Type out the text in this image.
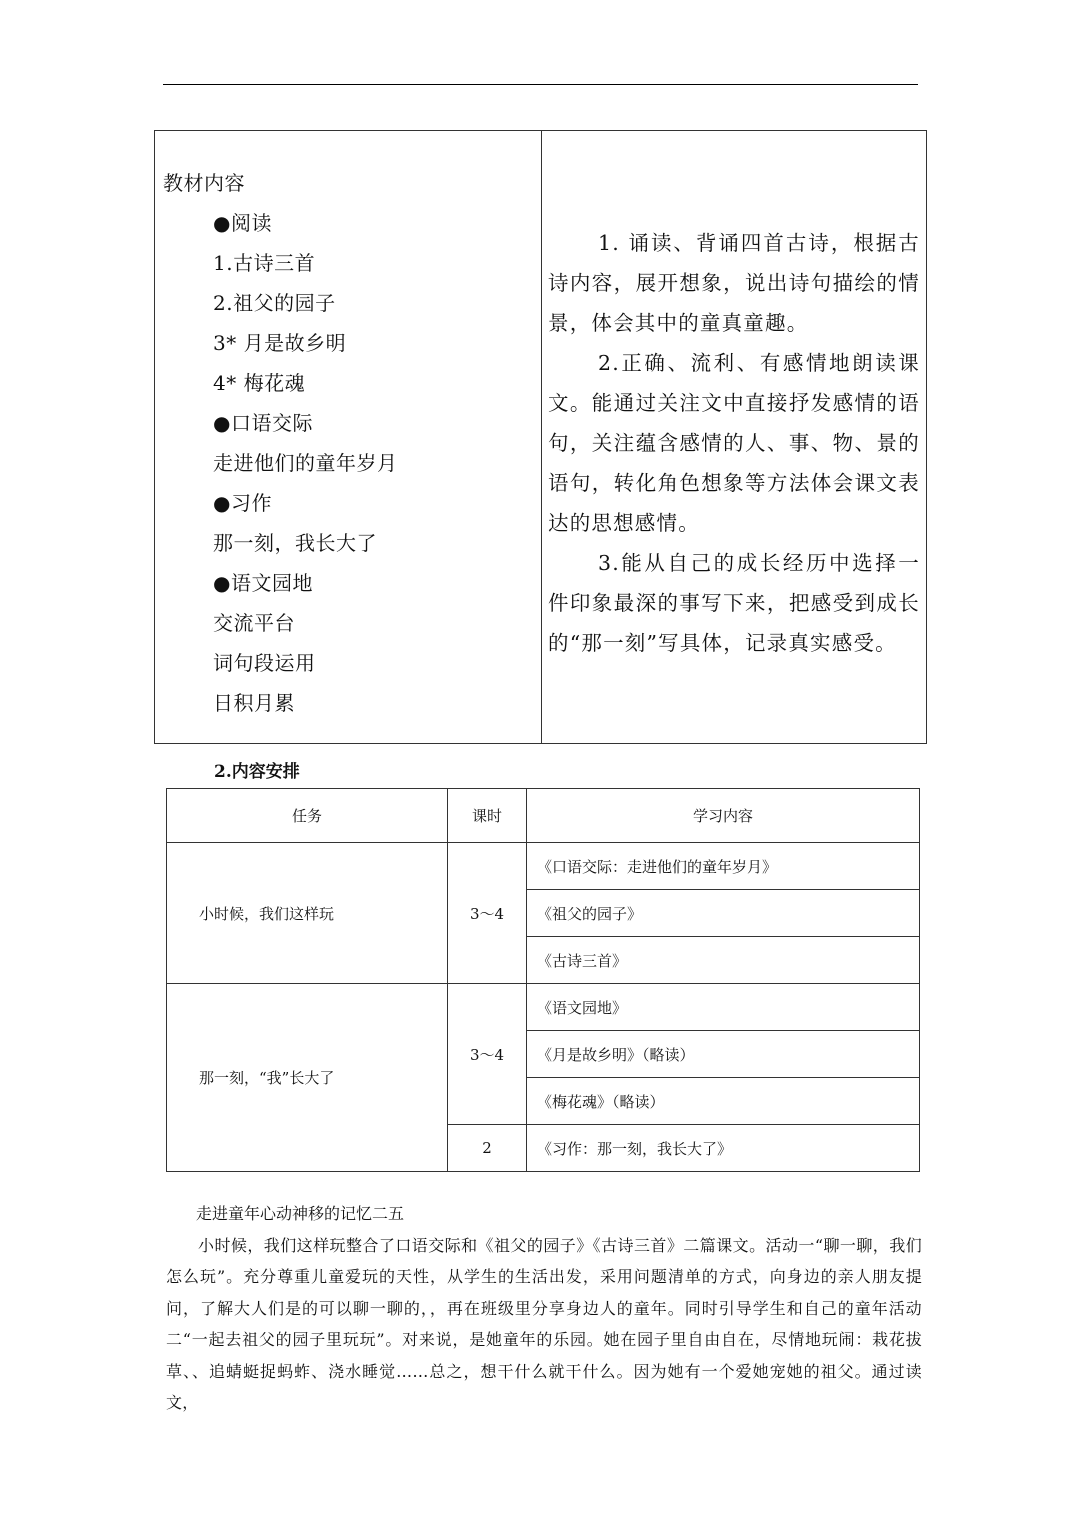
教材内容
●阅读
1.古诗三首
2.祖父的园子
3* 月是故乡明
4* 梅花魂
●口语交际
走进他们的童年岁月
●习作
那一刻，我长大了
●语文园地
交流平台
词句段运用
日积月累

1. 诵读、背诵四首古诗，根据古诗内容，展开想象，说出诗句描绘的情景，体会其中的童真童趣。

2.正确、流利、有感情地朗读课文。能通过关注文中直接抒发感情的语句，关注蕴含感情的人、事、物、景的语句，转化角色想象等方法体会课文表达的思想感情。

3.能从自己的成长经历中选择一件印象最深的事写下来，把感受到成长的“那一刻”写具体，记录真实感受。

2.内容安排
任务	课时	学习内容
小时候，我们这样玩	3～4	《口语交际：走进他们的童年岁月》
		《祖父的园子》
		《古诗三首》
那一刻，“我”长大了	3～4	《语文园地》
		《月是故乡明》（略读）
		《梅花魂》（略读）
	2	《习作：那一刻，我长大了》
走进童年心动神移的记忆二五

小时候，我们这样玩整合了口语交际和《祖父的园子》《古诗三首》二篇课文。活动一“聊一聊，我们怎么玩”。充分尊重儿童爱玩的天性，从学生的生活出发，采用问题清单的方式，向身边的亲人朋友提问，了解大人们是的可以聊一聊的，，再在班级里分享身边人的童年。同时引导学生和自己的童年活动二“一起去祖父的园子里玩玩”。对来说，是她童年的乐园。她在园子里自由自在，尽情地玩闹：栽花拔草、、追蜻蜓捉蚂蚱、浇水睡觉……总之，想干什么就干什么。因为她有一个爱她宠她的祖父。通过读文，
